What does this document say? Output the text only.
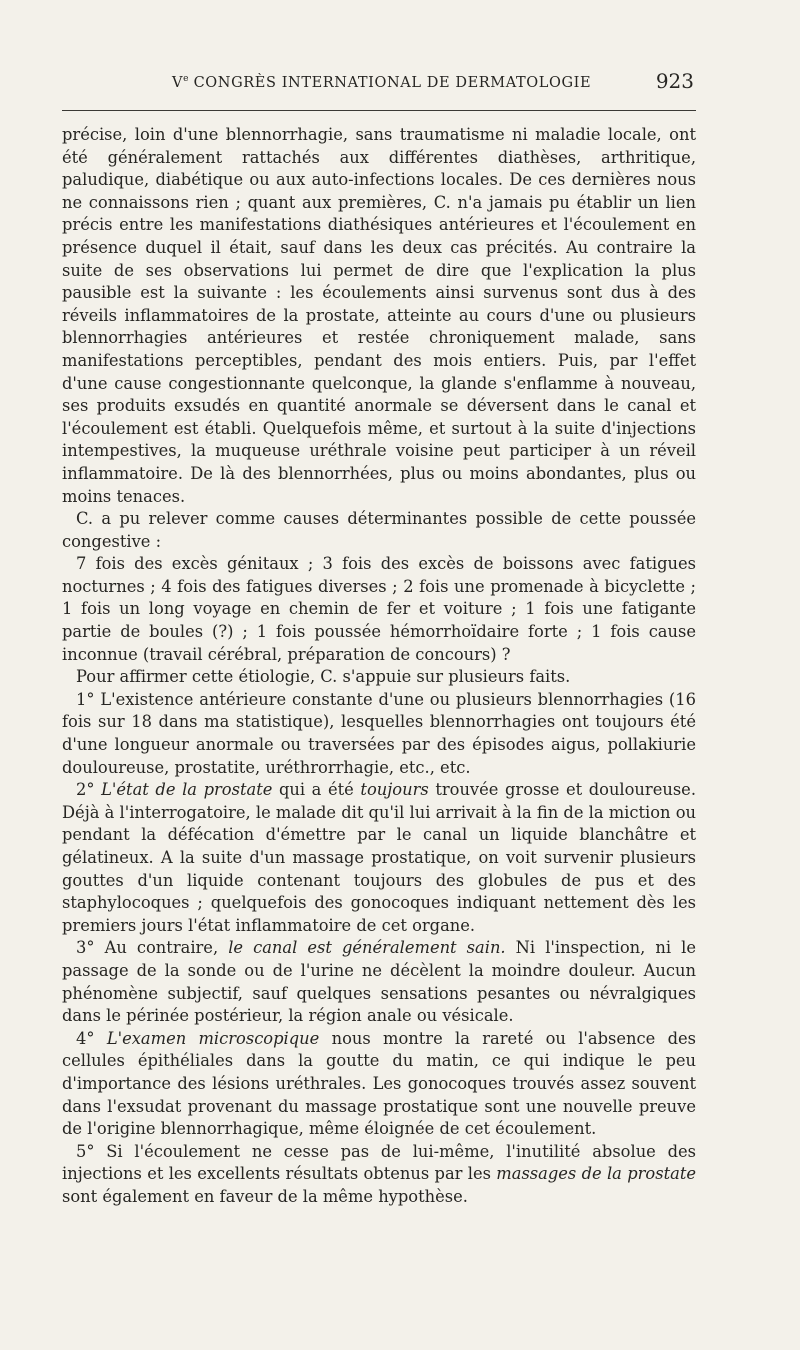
Ve CONGRÈS INTERNATIONAL DE DERMATOLOGIE	923

précise, loin d'une blennorrhagie, sans traumatisme ni maladie locale, ont été généralement rattachés aux différentes diathèses, arthritique, paludique, diabétique ou aux auto-infections locales. De ces dernières nous ne connaissons rien ; quant aux premières, C. n'a jamais pu établir un lien précis entre les manifestations diathésiques antérieures et l'écoulement en présence duquel il était, sauf dans les deux cas précités. Au contraire la suite de ses observations lui permet de dire que l'explication la plus pausible est la suivante : les écoulements ainsi survenus sont dus à des réveils inflammatoires de la prostate, atteinte au cours d'une ou plusieurs blennorrhagies antérieures et restée chroniquement malade, sans manifestations perceptibles, pendant des mois entiers. Puis, par l'effet d'une cause congestionnante quelconque, la glande s'enflamme à nouveau, ses produits exsudés en quantité anormale se déversent dans le canal et l'écoulement est établi. Quelquefois même, et surtout à la suite d'injections intempestives, la muqueuse uréthrale voisine peut participer à un réveil inflammatoire. De là des blennorrhées, plus ou moins abondantes, plus ou moins tenaces.

C. a pu relever comme causes déterminantes possible de cette poussée congestive :

7 fois des excès génitaux ; 3 fois des excès de boissons avec fatigues nocturnes ; 4 fois des fatigues diverses ; 2 fois une promenade à bicyclette ; 1 fois un long voyage en chemin de fer et voiture ; 1 fois une fatigante partie de boules (?) ; 1 fois poussée hémorrhoïdaire forte ; 1 fois cause inconnue (travail cérébral, préparation de concours) ?

Pour affirmer cette étiologie, C. s'appuie sur plusieurs faits.

1° L'existence antérieure constante d'une ou plusieurs blennorrhagies (16 fois sur 18 dans ma statistique), lesquelles blennorrhagies ont toujours été d'une longueur anormale ou traversées par des épisodes aigus, pollakiurie douloureuse, prostatite, uréthrorrhagie, etc., etc.

2° L'état de la prostate qui a été toujours trouvée grosse et douloureuse. Déjà à l'interrogatoire, le malade dit qu'il lui arrivait à la fin de la miction ou pendant la défécation d'émettre par le canal un liquide blanchâtre et gélatineux. A la suite d'un massage prostatique, on voit survenir plusieurs gouttes d'un liquide contenant toujours des globules de pus et des staphylocoques ; quelquefois des gonocoques indiquant nettement dès les premiers jours l'état inflammatoire de cet organe.

3° Au contraire, le canal est généralement sain. Ni l'inspection, ni le passage de la sonde ou de l'urine ne décèlent la moindre douleur. Aucun phénomène subjectif, sauf quelques sensations pesantes ou névralgiques dans le périnée postérieur, la région anale ou vésicale.

4° L'examen microscopique nous montre la rareté ou l'absence des cellules épithéliales dans la goutte du matin, ce qui indique le peu d'importance des lésions uréthrales. Les gonocoques trouvés assez souvent dans l'exsudat provenant du massage prostatique sont une nouvelle preuve de l'origine blennorrhagique, même éloignée de cet écoulement.

5° Si l'écoulement ne cesse pas de lui-même, l'inutilité absolue des injections et les excellents résultats obtenus par les massages de la prostate sont également en faveur de la même hypothèse.
